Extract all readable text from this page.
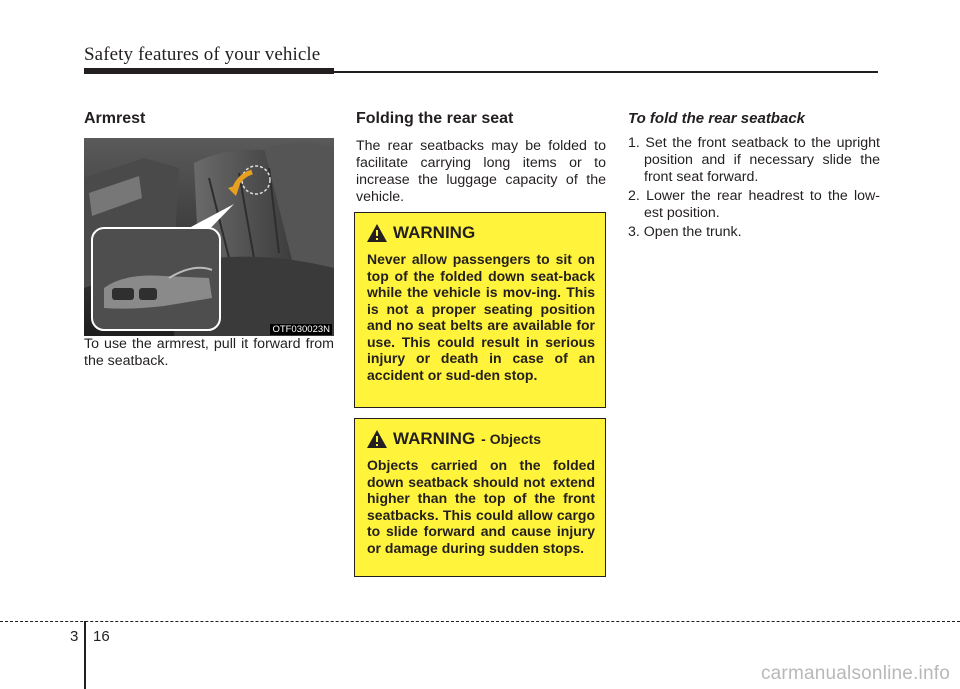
Safety features of your vehicle
Armrest
OTF030023N

To use the armrest, pull it forward from the seatback.

Folding the rear seat

The rear seatbacks may be folded to facilitate carrying long items or to increase the luggage capacity of the vehicle.

WARNING
Never allow passengers to sit on top of the folded down seat-back while the vehicle is mov-ing. This is not a proper seating position and no seat belts are available for use. This could result in serious injury or death in case of an accident or sud-den stop.
WARNING - Objects
Objects carried on the folded down seatback should not extend higher than the top of the front seatbacks. This could allow cargo to slide forward and cause injury or damage during sudden stops.
To fold the rear seatback
1. Set the front seatback to the upright position and if necessary slide the front seat forward.
2. Lower the rear headrest to the low-est position.
3. Open the trunk.
3 16
carmanualsonline.info
